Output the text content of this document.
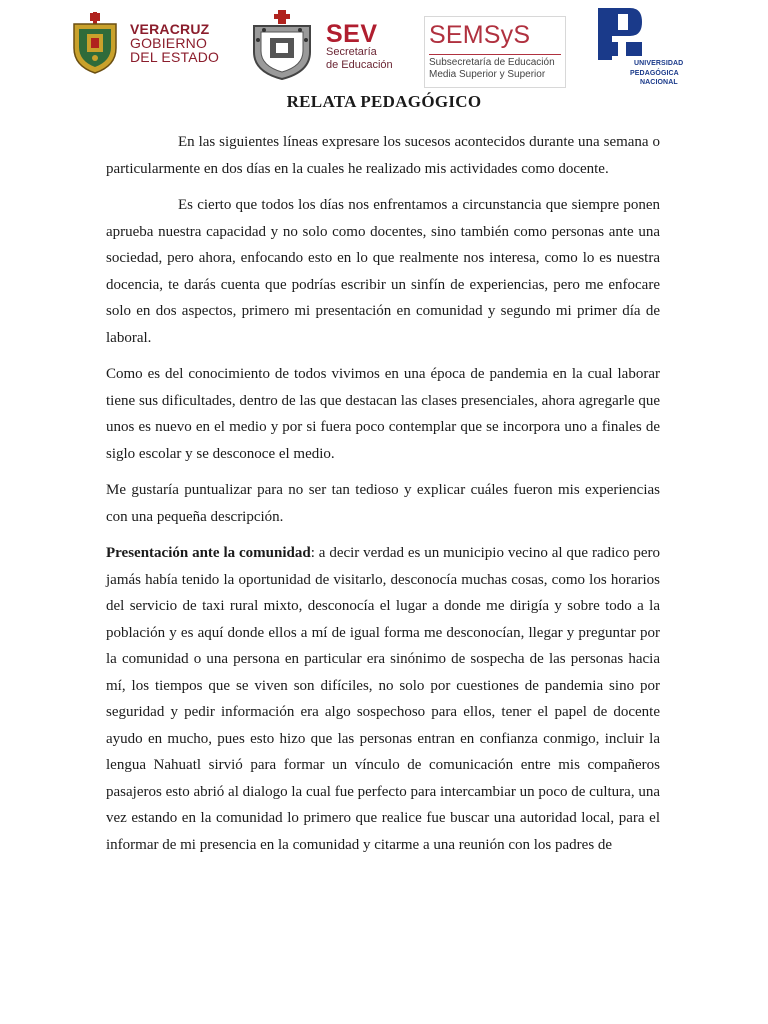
VERACRUZ
GOBIERNO
DEL ESTADO
SEV
Secretaría
de Educación
SEMSyS
Subsecretaría de Educación
Media Superior y Superior
UNIVERSIDAD
PEDAGÓGICA
NACIONAL
RELATA PEDAGÓGICO

En las siguientes líneas expresare los sucesos acontecidos durante una semana o particularmente en dos días en la cuales he realizado mis actividades como docente.

Es cierto que todos los días nos enfrentamos a circunstancia que siempre ponen aprueba nuestra capacidad y no solo como docentes, sino también como personas ante una sociedad, pero ahora, enfocando esto en lo que realmente nos interesa, como lo es nuestra docencia, te darás cuenta que podrías escribir un sinfín de experiencias, pero me enfocare solo en dos aspectos, primero mi presentación en comunidad y segundo mi primer día de laboral.

Como es del conocimiento de todos vivimos en una época de pandemia en la cual laborar tiene sus dificultades, dentro de las que destacan las clases presenciales, ahora agregarle que unos es nuevo en el medio y por si fuera poco contemplar que se incorpora uno a finales de siglo escolar y se desconoce el medio.

Me gustaría puntualizar para no ser tan tedioso y explicar cuáles fueron mis experiencias con una pequeña descripción.

Presentación ante la comunidad: a decir verdad es un municipio vecino al que radico pero jamás había tenido la oportunidad de visitarlo, desconocía muchas cosas, como los horarios del servicio de taxi rural mixto, desconocía el lugar a donde me dirigía y sobre todo a la población y es aquí donde ellos a mí de igual forma me desconocían, llegar y preguntar por la comunidad o una persona en particular era sinónimo de sospecha de las personas hacia mí, los tiempos que se viven son difíciles, no solo por cuestiones de pandemia sino por seguridad y pedir información era algo sospechoso para ellos, tener el papel de docente ayudo en mucho, pues esto hizo que las personas entran en confianza conmigo, incluir la lengua Nahuatl sirvió para formar un vínculo de comunicación entre mis compañeros pasajeros esto abrió al dialogo la cual fue perfecto para intercambiar un poco de cultura, una vez estando en la comunidad lo primero que realice fue buscar una autoridad local, para el informar de mi presencia en la comunidad y citarme a una reunión con los padres de
